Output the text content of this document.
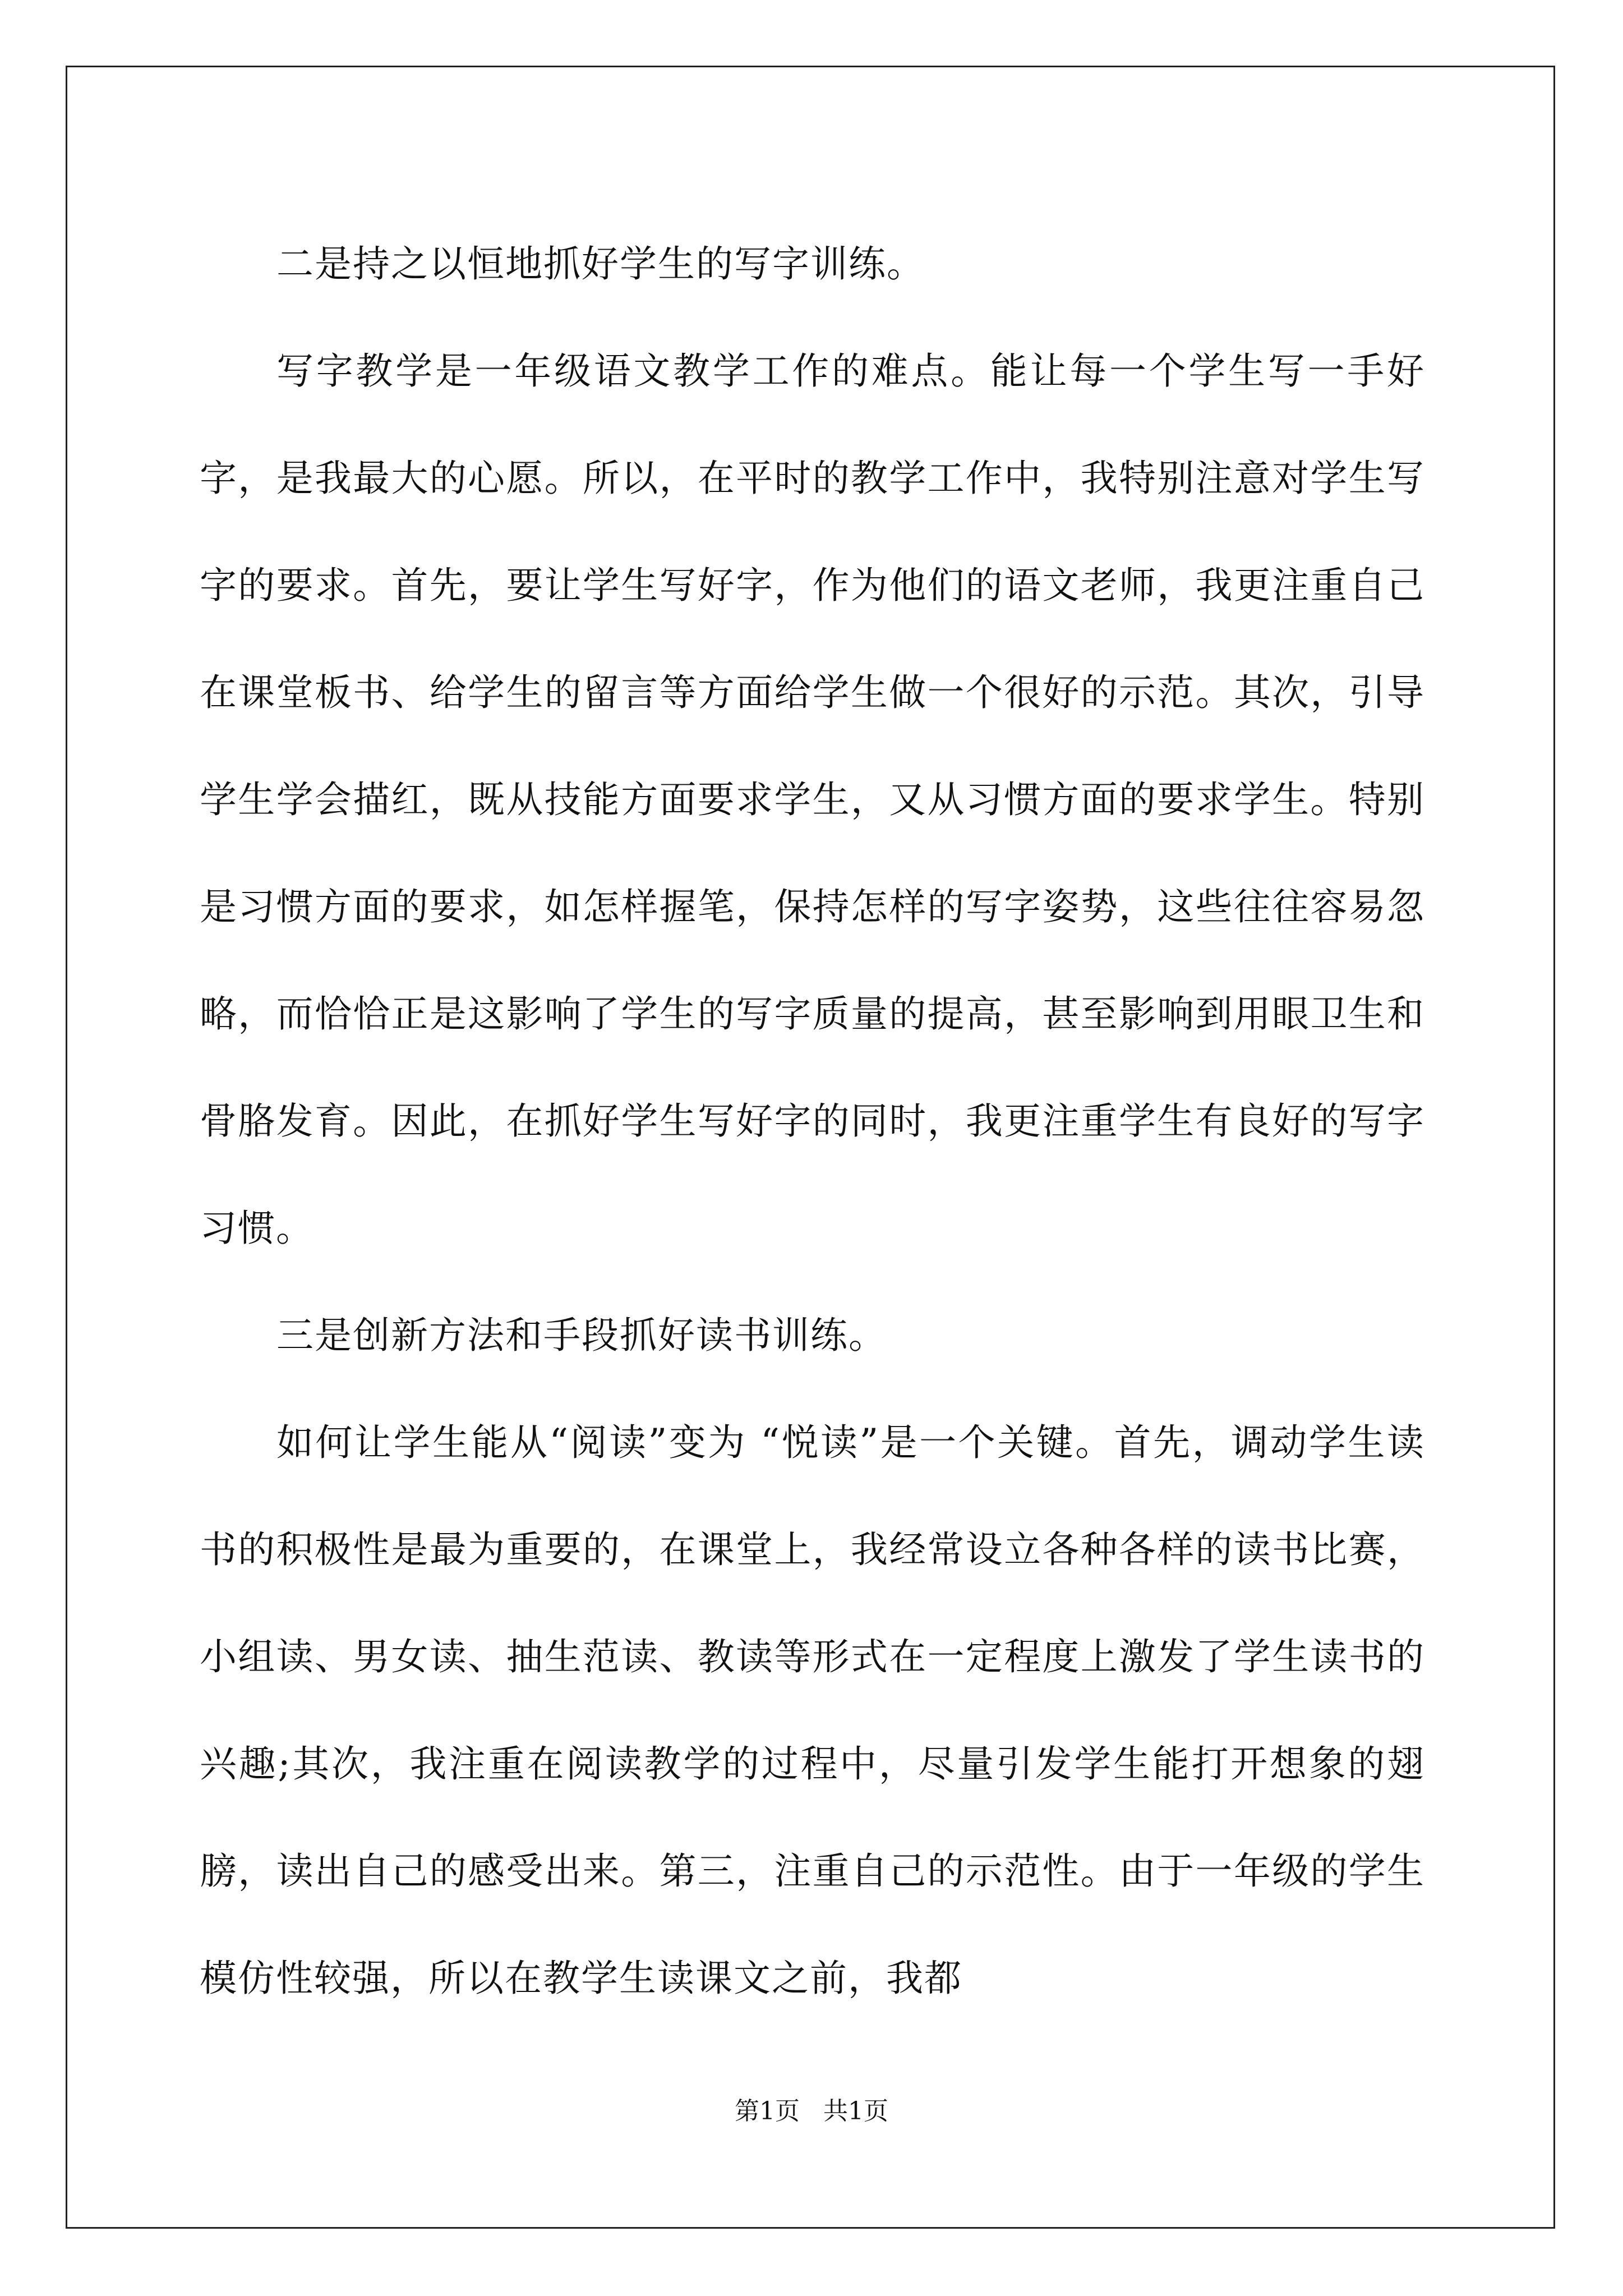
二是持之以恒地抓好学生的写字训练。

写字教学是一年级语文教学工作的难点。能让每一个学生写一手好字，是我最大的心愿。所以，在平时的教学工作中，我特别注意对学生写字的要求。首先，要让学生写好字，作为他们的语文老师，我更注重自己在课堂板书、给学生的留言等方面给学生做一个很好的示范。其次，引导学生学会描红，既从技能方面要求学生，又从习惯方面的要求学生。特别是习惯方面的要求，如怎样握笔，保持怎样的写字姿势，这些往往容易忽略，而恰恰正是这影响了学生的写字质量的提高，甚至影响到用眼卫生和骨胳发育。因此，在抓好学生写好字的同时，我更注重学生有良好的写字习惯。

三是创新方法和手段抓好读书训练。

如何让学生能从“阅读”变为 “悦读”是一个关键。首先，调动学生读书的积极性是最为重要的，在课堂上，我经常设立各种各样的读书比赛，小组读、男女读、抽生范读、教读等形式在一定程度上激发了学生读书的兴趣;其次，我注重在阅读教学的过程中，尽量引发学生能打开想象的翅膀，读出自己的感受出来。第三，注重自己的示范性。由于一年级的学生模仿性较强，所以在教学生读课文之前，我都

第1页 共1页
